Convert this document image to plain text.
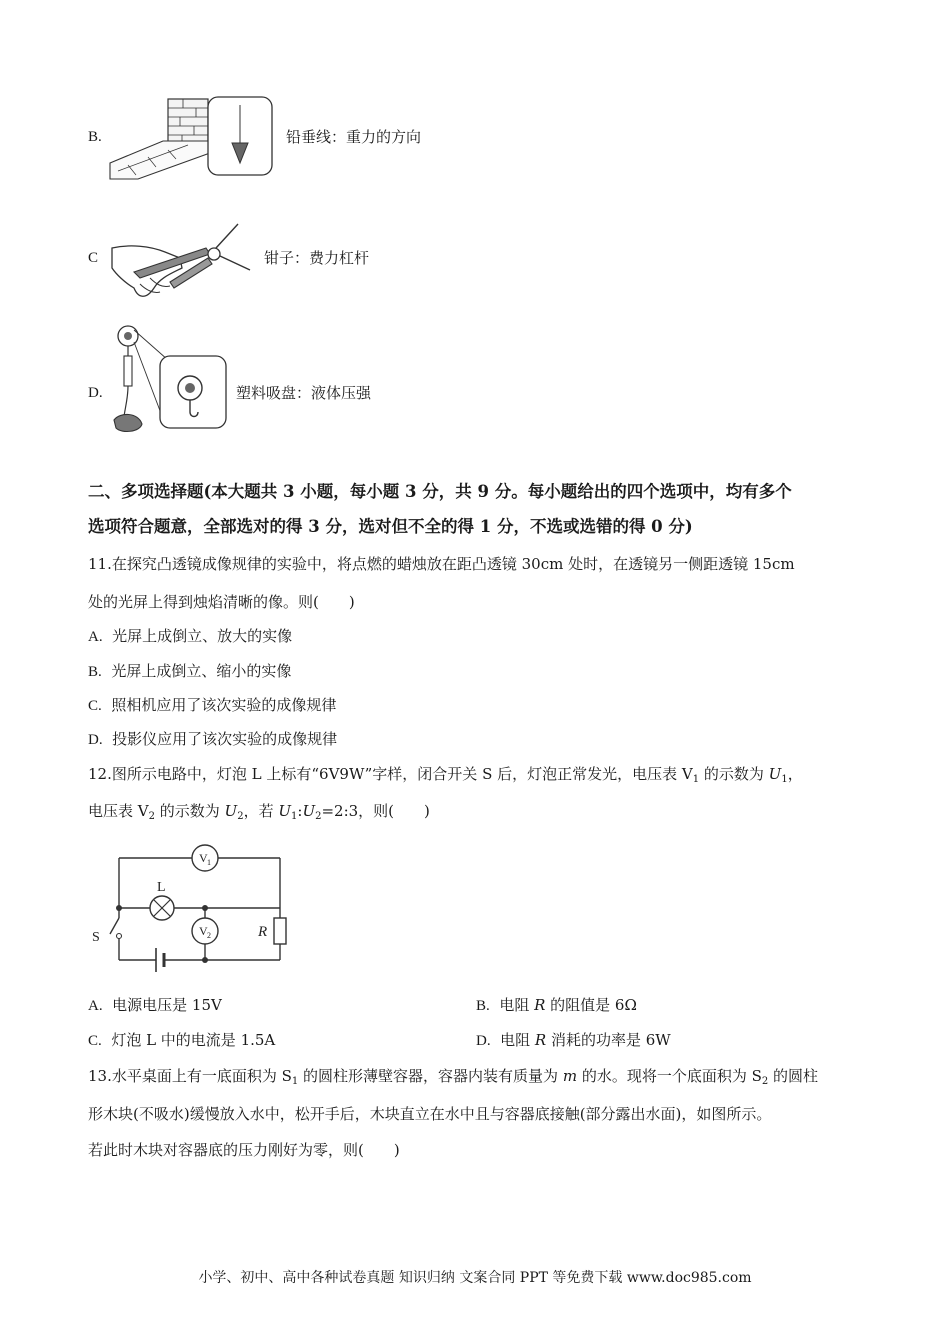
B.	铅垂线：重力的方向
C	钳子：费力杠杆
D.	塑料吸盘：液体压强
二、多项选择题(本大题共 3 小题，每小题 3 分，共 9 分。每小题给出的四个选项中，均有多个
选项符合题意，全部选对的得 3 分，选对但不全的得 1 分，不选或选错的得 0 分)
11.在探究凸透镜成像规律的实验中，将点燃的蜡烛放在距凸透镜 30cm 处时，在透镜另一侧距透镜 15cm
处的光屏上得到烛焰清晰的像。则(　　)
A. 光屏上成倒立、放大的实像
B. 光屏上成倒立、缩小的实像
C. 照相机应用了该次实验的成像规律
D. 投影仪应用了该次实验的成像规律
12.图所示电路中，灯泡 L 上标有“6V9W”字样，闭合开关 S 后，灯泡正常发光，电压表 $V_1$ 的示数为 $U_1$，
电压表 $V_2$ 的示数为 $U_2$，若 $U_1:U_2=2:3$，则(　　)
V 1
V 2
L
R
S
A. 电源电压是 15V	B. 电阻 R 的阻值是 6Ω
C. 灯泡 L 中的电流是 1.5A	D. 电阻 R 消耗的功率是 6W
13.水平桌面上有一底面积为 $S_1$ 的圆柱形薄壁容器，容器内装有质量为 m 的水。现将一个底面积为 $S_2$ 的圆柱
形木块(不吸水)缓慢放入水中，松开手后，木块直立在水中且与容器底接触(部分露出水面)，如图所示。
若此时木块对容器底的压力刚好为零，则(　　)
小学、初中、高中各种试卷真题 知识归纳 文案合同 PPT 等免费下载 www.doc985.com
